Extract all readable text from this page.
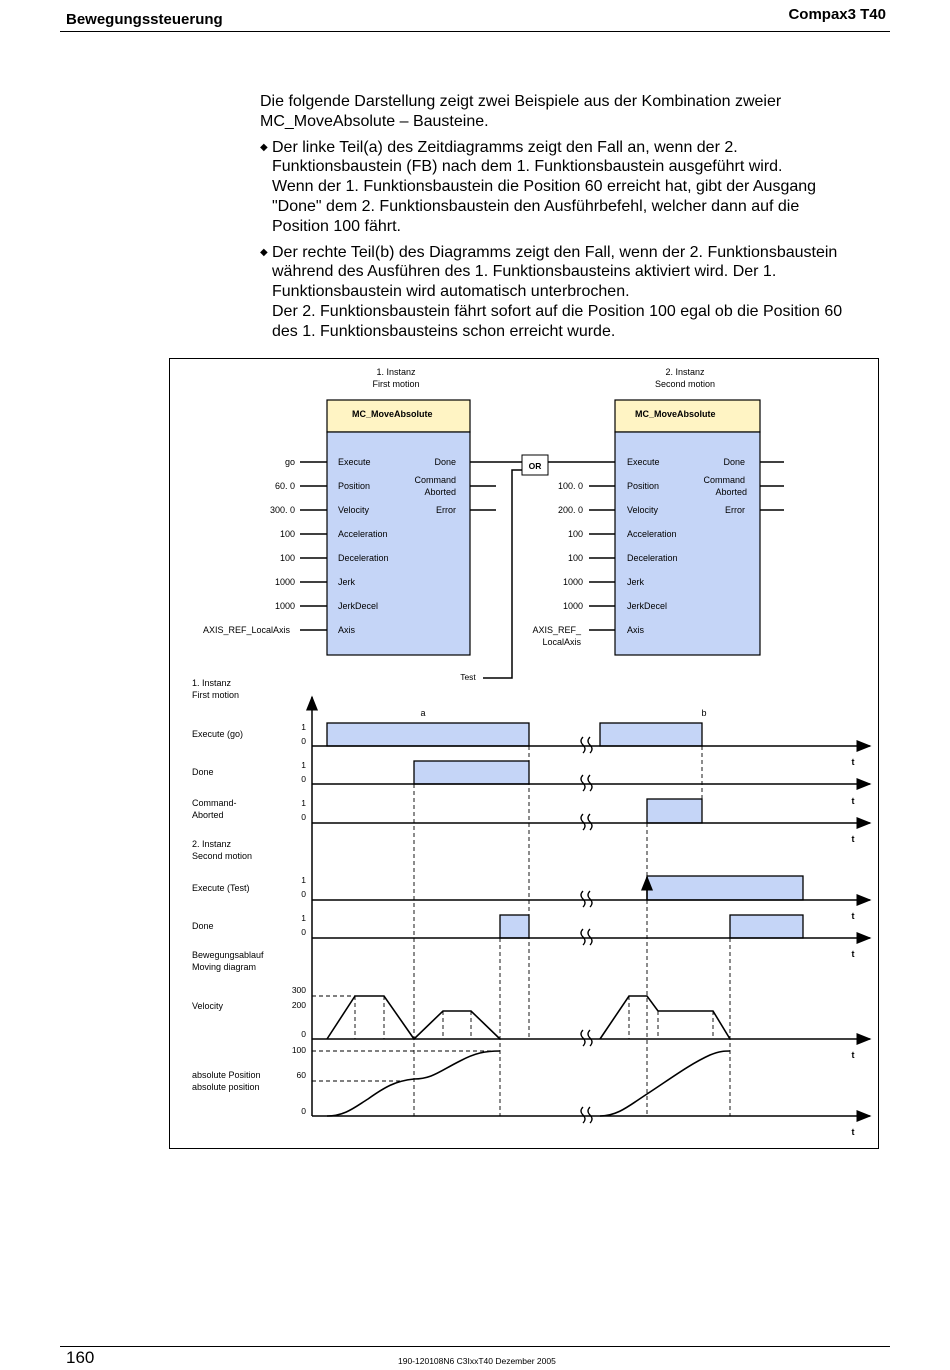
Bewegungssteuerung	Compax3 T40

Die folgende Darstellung zeigt zwei Beispiele aus der Kombination zweier MC_MoveAbsolute – Bausteine.

◆ Der linke Teil(a) des Zeitdiagramms zeigt den Fall an, wenn der 2.
Funktionsbaustein (FB) nach dem 1. Funktionsbaustein ausgeführt wird.
Wenn der 1. Funktionsbaustein die Position 60 erreicht hat, gibt der Ausgang
"Done" dem 2. Funktionsbaustein den Ausführbefehl, welcher dann auf die
Position 100 fährt.
◆ Der rechte Teil(b) des Diagramms zeigt den Fall, wenn der 2. Funktionsbaustein
während des Ausführen des 1. Funktionsbausteins aktiviert wird. Der 1.
Funktionsbaustein wird automatisch unterbrochen.
Der 2. Funktionsbaustein fährt sofort auf die Position 100 egal ob die Position 60
des 1. Funktionsbausteins schon erreicht wurde.
1. Instanz
First motion
MC_MoveAbsolute
Execute
Position
Velocity
Acceleration
Deceleration
Jerk
JerkDecel
Axis
Done
Command
Aborted
Error
go
60. 0
300. 0
100
100
1000
1000
AXIS_REF_LocalAxis
OR
Test
2. Instanz
Second motion
MC_MoveAbsolute
Execute
Position
Velocity
Acceleration
Deceleration
Jerk
JerkDecel
Axis
Done
Command
Aborted
Error
100. 0
200. 0
100
100
1000
1000
AXIS_REF_
LocalAxis
1. Instanz
First motion
Execute (go)
Done
Command-
Aborted
2. Instanz
Second motion
Execute (Test)
Done
Bewegungsablauf
Moving diagram
Velocity
absolute Position
absolute position
a	b
1
0
1
0
1
0
1
0
1
0
300
200
0
100
60
0
t
t
t
t
t
t
t
160	190-120108N6 C3IxxT40 Dezember 2005
